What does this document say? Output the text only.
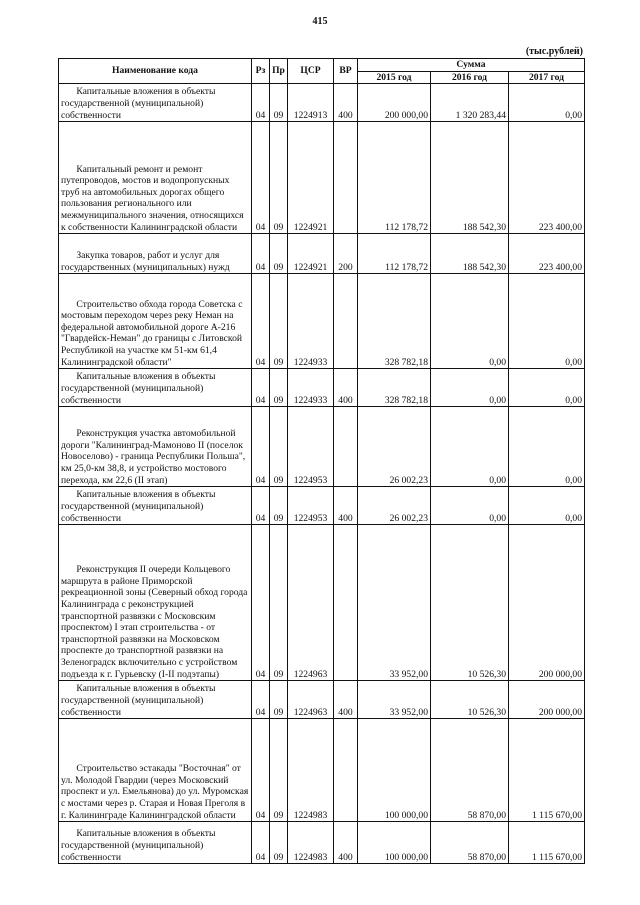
415
(тыс.рублей)
Наименование кода	Рз	Пр	ЦСР	ВР	Сумма		
					2015 год	2016 год	2017 год

Капитальные вложения в объекты государственной (муниципальной) собственности	04	09	1224913	400	200 000,00	1 320 283,44	0,00

Капитальный ремонт и ремонт путепроводов, мостов и водопропускных труб на автомобильных дорогах общего пользования регионального или межмуниципального значения, относящихся к собственности Калининградской области	04	09	1224921		112 178,72	188 542,30	223 400,00

Закупка товаров, работ и услуг для государственных (муниципальных) нужд	04	09	1224921	200	112 178,72	188 542,30	223 400,00

Строительство обхода города Советска с мостовым переходом через реку Неман на федеральной автомобильной дороге А-216 "Гвардейск-Неман" до границы с Литовской Республикой на участке км 51-км 61,4 Калининградской области"	04	09	1224933		328 782,18	0,00	0,00

Капитальные вложения в объекты государственной (муниципальной) собственности	04	09	1224933	400	328 782,18	0,00	0,00

Реконструкция участка автомобильной дороги "Калининград-Мамоново II (поселок Новоселово) - граница Республики Польша", км 25,0-км 38,8, и устройство мостового перехода, км 22,6 (II этап)	04	09	1224953		26 002,23	0,00	0,00

Капитальные вложения в объекты государственной (муниципальной) собственности	04	09	1224953	400	26 002,23	0,00	0,00

Реконструкция II очереди Кольцевого маршрута в районе Приморской рекреационной зоны (Северный обход города Калининграда с реконструкцией транспортной развязки с Московским проспектом) I этап строительства - от транспортной развязки на Московском проспекте до транспортной развязки на Зеленоградск включительно с устройством подъезда к г. Гурьевску (I-II подэтапы)	04	09	1224963		33 952,00	10 526,30	200 000,00

Капитальные вложения в объекты государственной (муниципальной) собственности	04	09	1224963	400	33 952,00	10 526,30	200 000,00

Строительство эстакады "Восточная" от ул. Молодой Гвардии (через Московский проспект и ул. Емельянова) до ул. Муромская с мостами через р. Старая и Новая Преголя в г. Калининграде Калининградской области	04	09	1224983		100 000,00	58 870,00	1 115 670,00

Капитальные вложения в объекты государственной (муниципальной) собственности	04	09	1224983	400	100 000,00	58 870,00	1 115 670,00
